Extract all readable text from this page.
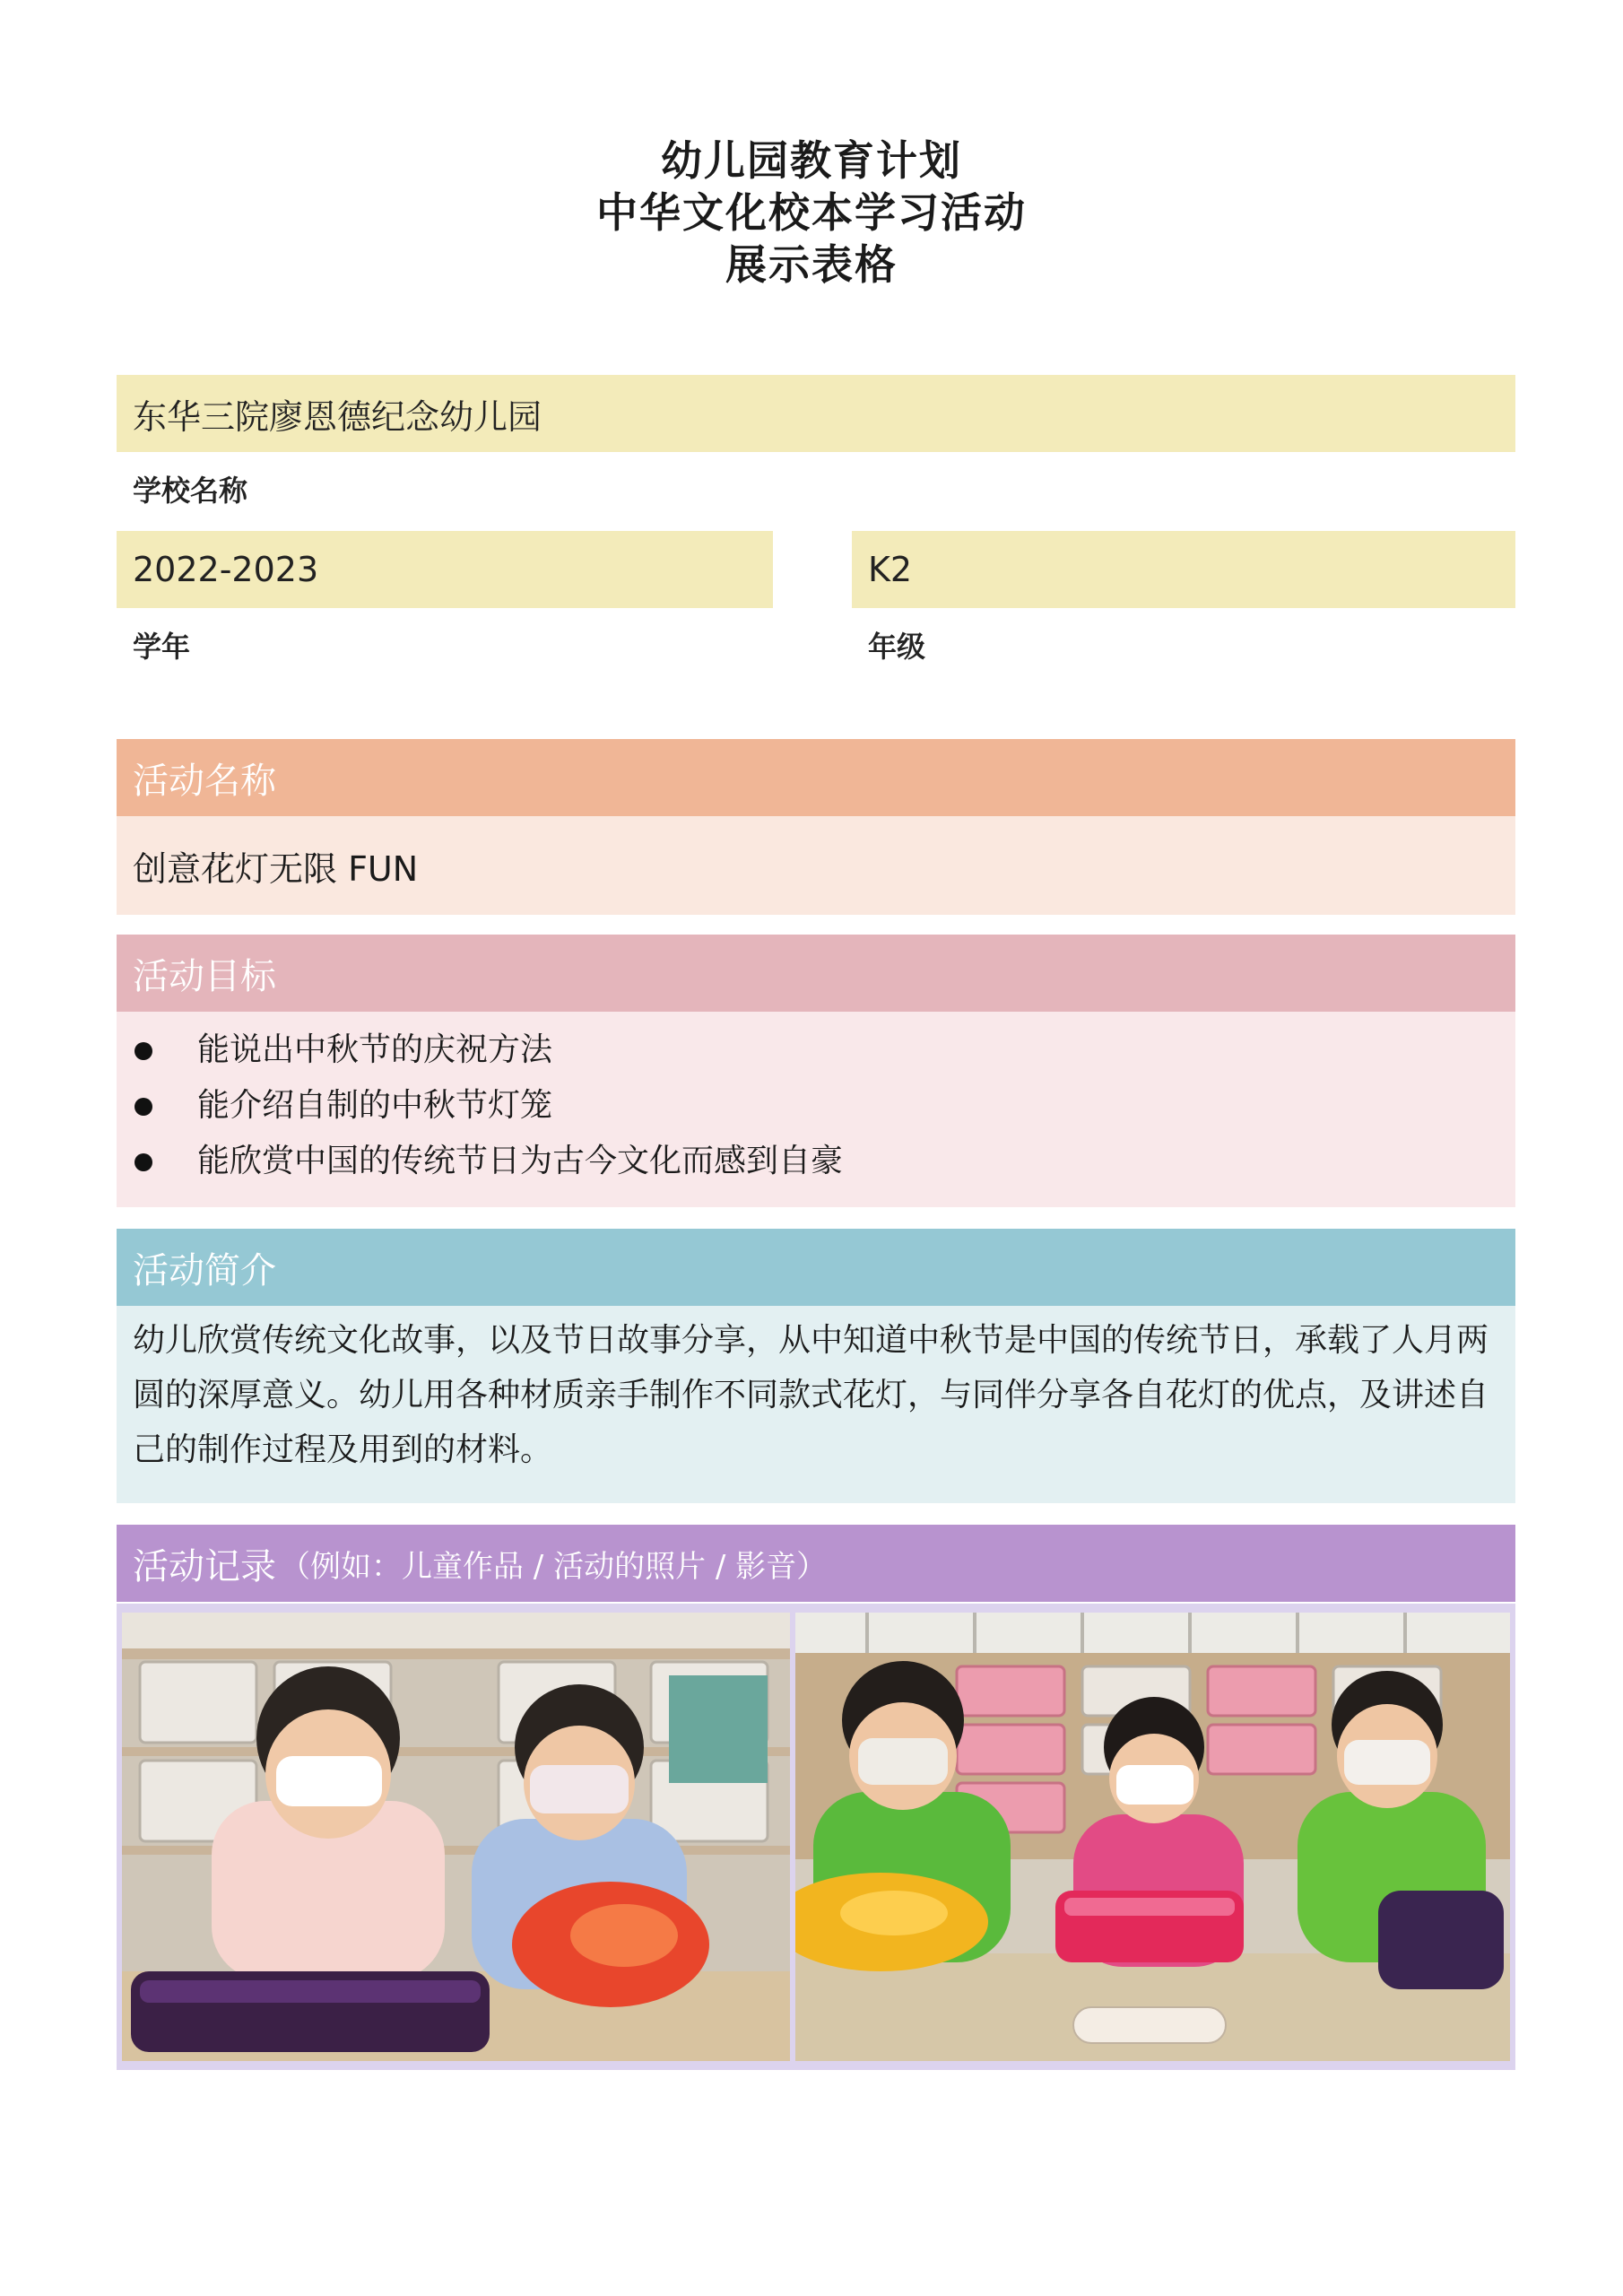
幼儿园教育计划
中华文化校本学习活动
展示表格
东华三院廖恩德纪念幼儿园
学校名称
2022-2023
学年
K2
年级
活动名称
创意花灯无限 FUN
活动目标
能说出中秋节的庆祝方法
能介绍自制的中秋节灯笼
能欣赏中国的传统节日为古今文化而感到自豪
活动简介
幼儿欣赏传统文化故事，以及节日故事分享，从中知道中秋节是中国的传统节日，承载了人月两圆的深厚意义。幼儿用各种材质亲手制作不同款式花灯，与同伴分享各自花灯的优点，及讲述自己的制作过程及用到的材料。
活动记录 （例如：儿童作品 / 活动的照片 / 影音）
